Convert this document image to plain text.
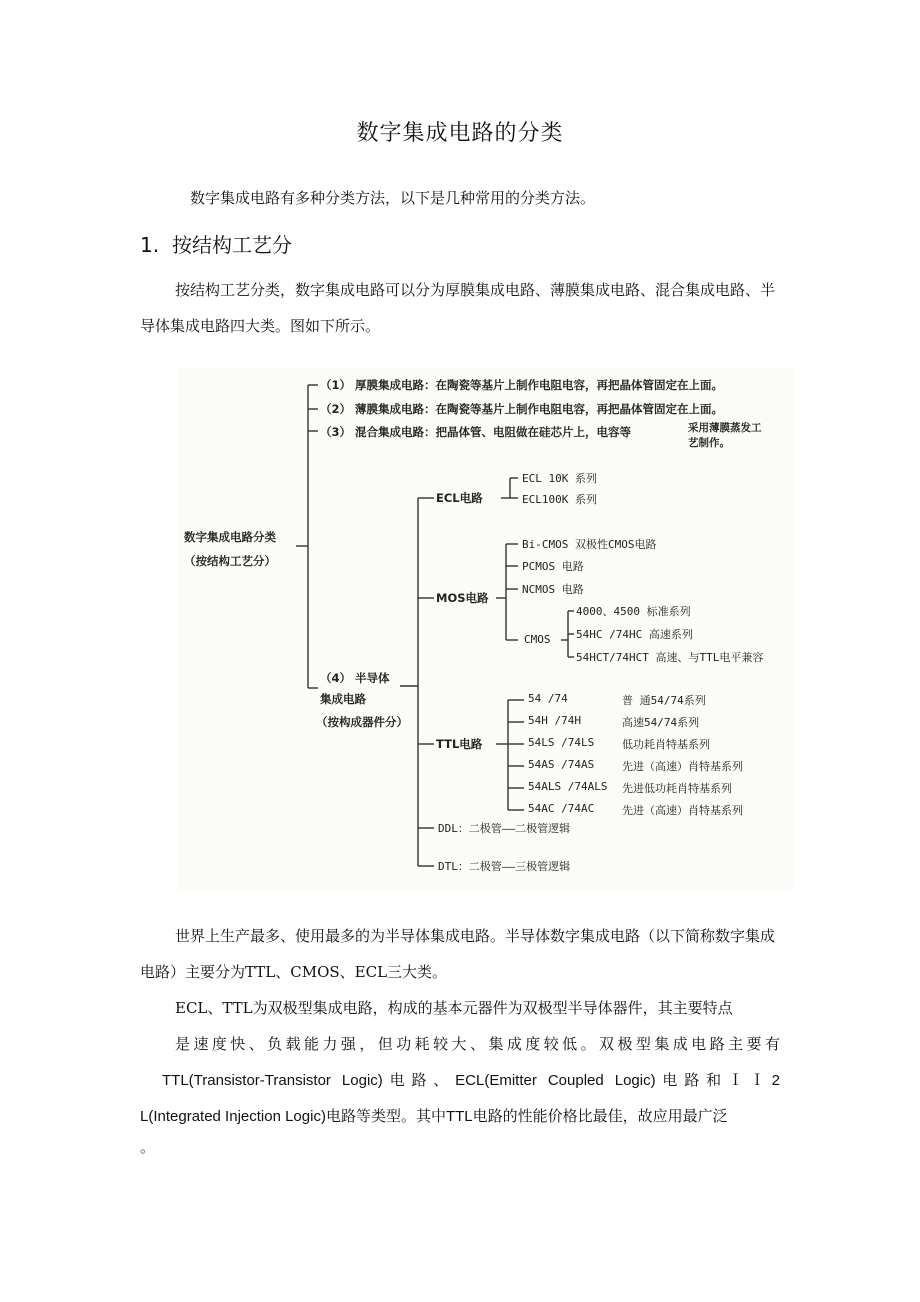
数字集成电路的分类
数字集成电路有多种分类方法，以下是几种常用的分类方法。
1. 按结构工艺分
按结构工艺分类，数字集成电路可以分为厚膜集成电路、薄膜集成电路、混合集成电路、半导体集成电路四大类。图如下所示。
数字集成电路分类
（按结构工艺分）
（1） 厚膜集成电路：在陶瓷等基片上制作电阻电容，再把晶体管固定在上面。
（2） 薄膜集成电路：在陶瓷等基片上制作电阻电容，再把晶体管固定在上面。
（3） 混合集成电路：把晶体管、电阻做在硅芯片上，电容等	采用薄膜蒸发工
艺制作。
（4） 半导体
集成电路
（按构成器件分）
ECL电路
ECL 10K 系列
ECL100K 系列
MOS电路
Bi-CMOS 双极性CMOS电路
PCMOS 电路
NCMOS 电路
CMOS
4000、4500 标准系列
54HC /74HC 高速系列
54HCT/74HCT 高速、与TTL电平兼容
TTL电路
54 /74	普 通54/74系列
54H /74H	高速54/74系列
54LS /74LS	低功耗肖特基系列
54AS /74AS	先进（高速）肖特基系列
54ALS /74ALS 先进低功耗肖特基系列
54AC /74AC	先进（高速）肖特基系列
DDL：二极管——二极管逻辑
DTL：二极管——三极管逻辑
世界上生产最多、使用最多的为半导体集成电路。半导体数字集成电路（以下简称数字集成电路）主要分为TTL、CMOS、ECL三大类。
ECL、TTL为双极型集成电路，构成的基本元器件为双极型半导体器件，其主要特点
是速度快、负载能力强，但功耗较大、集成度较低。双极型集成电路主要有
TTL(Transistor-Transistor Logic)电路、ECL(Emitter Coupled Logic)电路和ＩＩ2
L(Integrated Injection Logic)电路等类型。其中TTL电路的性能价格比最佳，故应用最广泛
。
